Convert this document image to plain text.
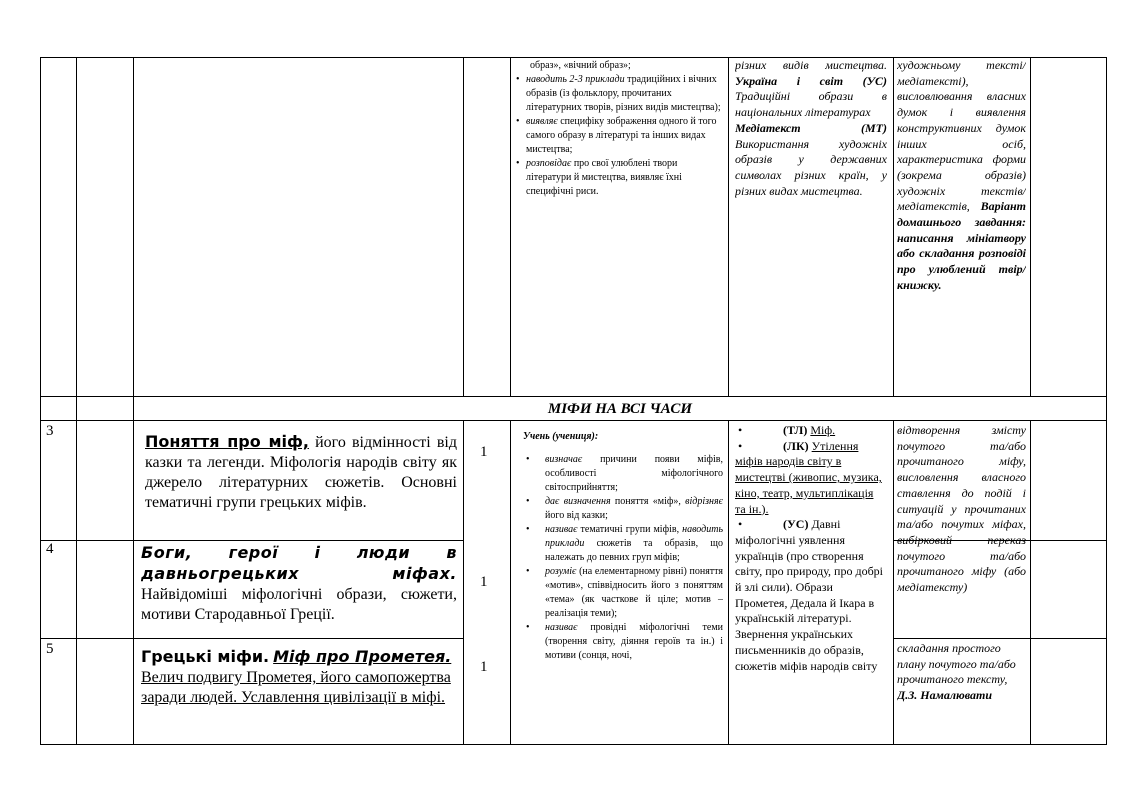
образ», «вічний образ»;
• наводить 2-3 приклади традиційних і вічних образів (із фольклору, прочитаних літературних творів, різних видів мистецтва);
• виявляє специфіку зображення одного й того самого образу в літературі та інших видах мистецтва;
• розповідає про свої улюблені твори літератури й мистецтва, виявляє їхні специфічні риси.
різних видів мистецтва. Україна і світ (УС) Традиційні образи в національних літературах
Медіатекст (МТ) Використання художніх образів у державних символах різних країн, у різних видах мистецтва.
художньому тексті/медіатексті), висловлювання власних думок і виявлення конструктивних думок інших осіб, характеристика форми (зокрема образів) художніх текстів/медіатекстів, Варіант домашнього завдання: написання мініатвору або складання розповіді про улюблений твір/книжку.
МІФИ НА ВСІ ЧАСИ
3
Поняття про міф, його відмінності від казки та легенди. Міфологія народів світу як джерело літературних сюжетів. Основні тематичні групи грецьких міфів.
1
4	Боги, герої і люди в давньогрецьких міфах. Найвідоміші міфологічні образи, сюжети, мотиви Стародавньої Греції.
1
5	Грецькі міфи. Міф про Прометея. Велич подвигу Прометея, його самопожертва заради людей. Уславлення цивілізації в міфі.
1
Учень (учениця):
• визначає причини появи міфів, особливості міфологічного світосприйняття;
• дає визначення поняття «міф», відрізняє його від казки;
• називає тематичні групи міфів, наводить приклади сюжетів та образів, що належать до певних груп міфів;
• розуміє (на елементарному рівні) поняття «мотив», співвідносить його з поняттям «тема» (як часткове й ціле; мотив – реалізація теми);
• називає провідні міфологічні теми (творення світу, діяння героїв та ін.) і мотиви (сонця, ночі,
• (ТЛ) Міф.
• (ЛК) Утілення
міфів народів світу в мистецтві (живопис, музика, кіно, театр, мультиплікація та ін.).
• (УС) Давні
міфологічні уявлення українців (про створення світу, про природу, про добрі й злі сили). Образи Прометея, Дедала й Ікара в українській літературі. Звернення українських письменників до образів, сюжетів міфів народів світу
відтворення змісту почутого та/або прочитаного міфу, висловлення власного ставлення до подій і ситуацій у прочитаних та/або почутих міфах, вибірковий переказ почутого та/або прочитаного міфу (або медіатексту)
складання простого плану почутого та/або прочитаного тексту,
Д.З. Намалювати
